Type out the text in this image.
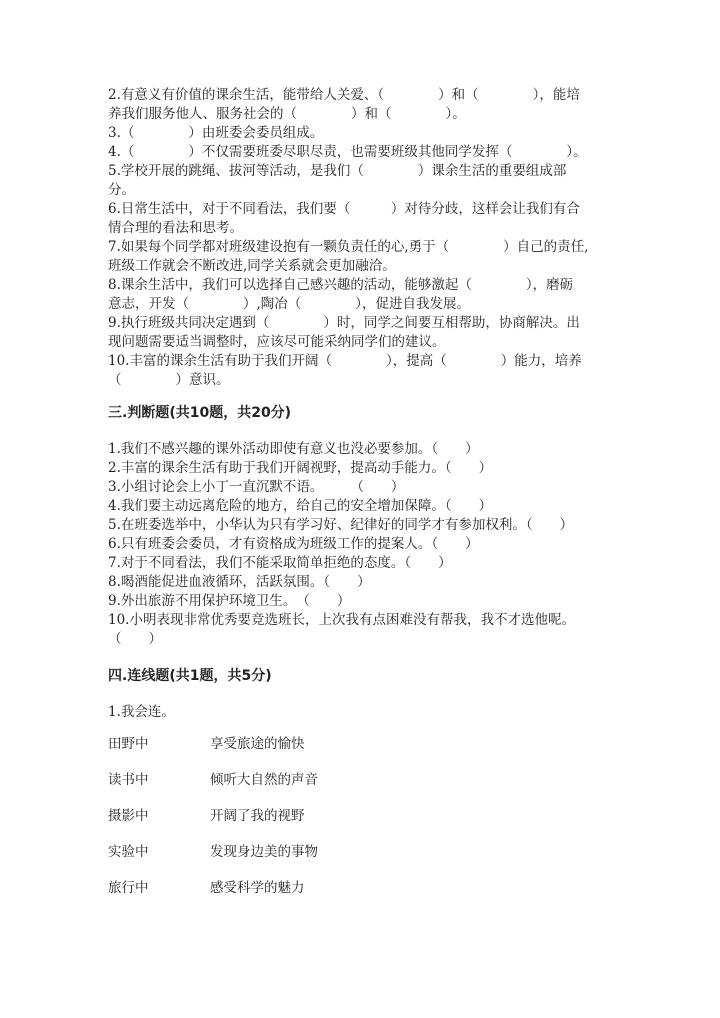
2.有意义有价值的课余生活，能带给人关爱、（　　　　）和（　　　　），能培
养我们服务他人、服务社会的（　　　　）和（　　　　）。
3.（　　　　）由班委会委员组成。
4.（　　　　）不仅需要班委尽职尽责，也需要班级其他同学发挥（　　　　）。
5.学校开展的跳绳、拔河等活动，是我们（　　　　）课余生活的重要组成部
分。
6.日常生活中，对于不同看法，我们要（　　　）对待分歧，这样会让我们有合
情合理的看法和思考。
7.如果每个同学都对班级建设抱有一颗负责任的心,勇于（　　　　）自己的责任,
班级工作就会不断改进,同学关系就会更加融洽。
8.课余生活中，我们可以选择自己感兴趣的活动，能够激起（　　　　），磨砺
意志，开发（　　　　）,陶冶（　　　　），促进自我发展。
9.执行班级共同决定遇到（　　　　）时，同学之间要互相帮助，协商解决。出
现问题需要适当调整时，应该尽可能采纳同学们的建议。
10.丰富的课余生活有助于我们开阔（　　　　），提高（　　　　）能力，培养
（　　　　）意识。
三.判断题(共10题，共20分)
1.我们不感兴趣的课外活动即使有意义也没必要参加。（　　）
2.丰富的课余生活有助于我们开阔视野，提高动手能力。（　　）
3.小组讨论会上小丁一直沉默不语。　　　（　　）
4.我们要主动远离危险的地方，给自己的安全增加保障。（　　）
5.在班委选举中，小华认为只有学习好、纪律好的同学才有参加权利。（　　）
6.只有班委会委员，才有资格成为班级工作的提案人。（　　）
7.对于不同看法，我们不能采取简单拒绝的态度。（　　）
8.喝酒能促进血液循环，活跃氛围。（　　）
9.外出旅游不用保护环境卫生。　（　　）
10.小明表现非常优秀要竞选班长，上次我有点困难没有帮我，我不才选他呢。
（　　）
四.连线题(共1题，共5分)
1.我会连。
田野中	享受旅途的愉快
读书中	倾听大自然的声音
摄影中	开阔了我的视野
实验中	发现身边美的事物
旅行中	感受科学的魅力
